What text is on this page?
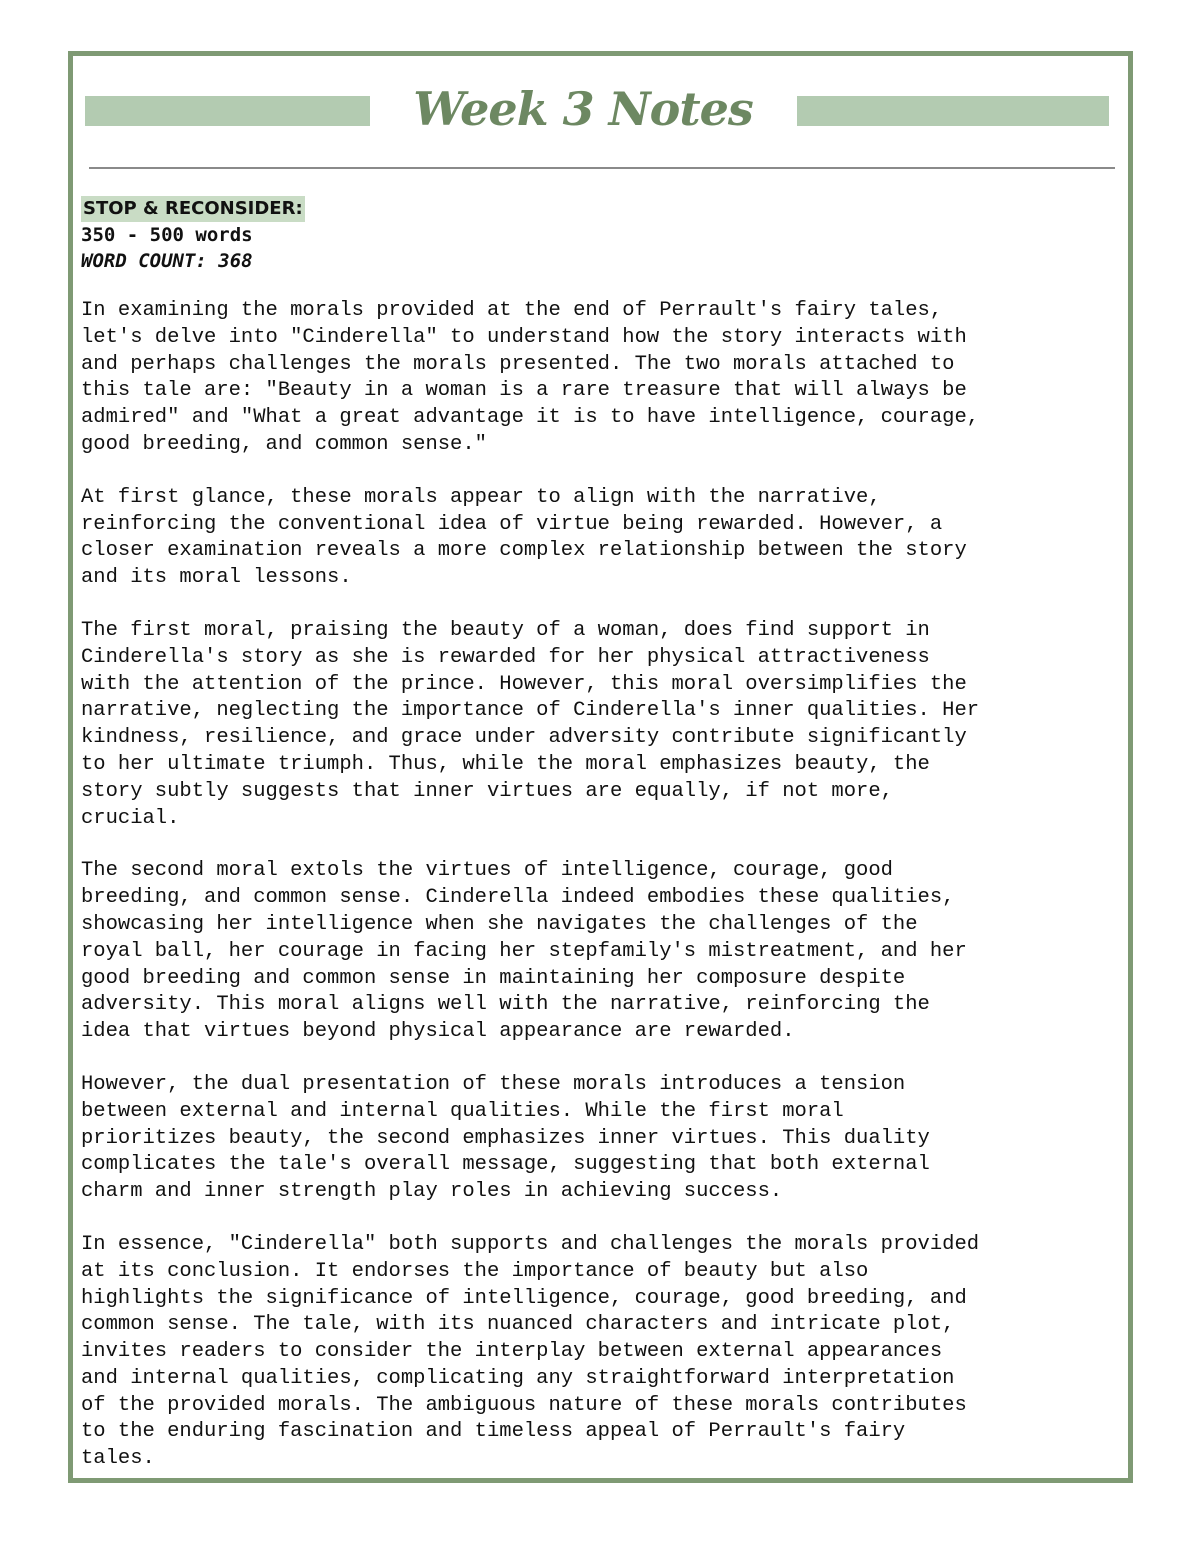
Week 3 Notes
STOP & RECONSIDER:
350 - 500 words
WORD COUNT: 368

In examining the morals provided at the end of Perrault's fairy tales,
let's delve into "Cinderella" to understand how the story interacts with
and perhaps challenges the morals presented. The two morals attached to
this tale are: "Beauty in a woman is a rare treasure that will always be
admired" and "What a great advantage it is to have intelligence, courage,
good breeding, and common sense."

At first glance, these morals appear to align with the narrative,
reinforcing the conventional idea of virtue being rewarded. However, a
closer examination reveals a more complex relationship between the story
and its moral lessons.

The first moral, praising the beauty of a woman, does find support in
Cinderella's story as she is rewarded for her physical attractiveness
with the attention of the prince. However, this moral oversimplifies the
narrative, neglecting the importance of Cinderella's inner qualities. Her
kindness, resilience, and grace under adversity contribute significantly
to her ultimate triumph. Thus, while the moral emphasizes beauty, the
story subtly suggests that inner virtues are equally, if not more,
crucial.

The second moral extols the virtues of intelligence, courage, good
breeding, and common sense. Cinderella indeed embodies these qualities,
showcasing her intelligence when she navigates the challenges of the
royal ball, her courage in facing her stepfamily's mistreatment, and her
good breeding and common sense in maintaining her composure despite
adversity. This moral aligns well with the narrative, reinforcing the
idea that virtues beyond physical appearance are rewarded.

However, the dual presentation of these morals introduces a tension
between external and internal qualities. While the first moral
prioritizes beauty, the second emphasizes inner virtues. This duality
complicates the tale's overall message, suggesting that both external
charm and inner strength play roles in achieving success.

In essence, "Cinderella" both supports and challenges the morals provided
at its conclusion. It endorses the importance of beauty but also
highlights the significance of intelligence, courage, good breeding, and
common sense. The tale, with its nuanced characters and intricate plot,
invites readers to consider the interplay between external appearances
and internal qualities, complicating any straightforward interpretation
of the provided morals. The ambiguous nature of these morals contributes
to the enduring fascination and timeless appeal of Perrault's fairy
tales.
